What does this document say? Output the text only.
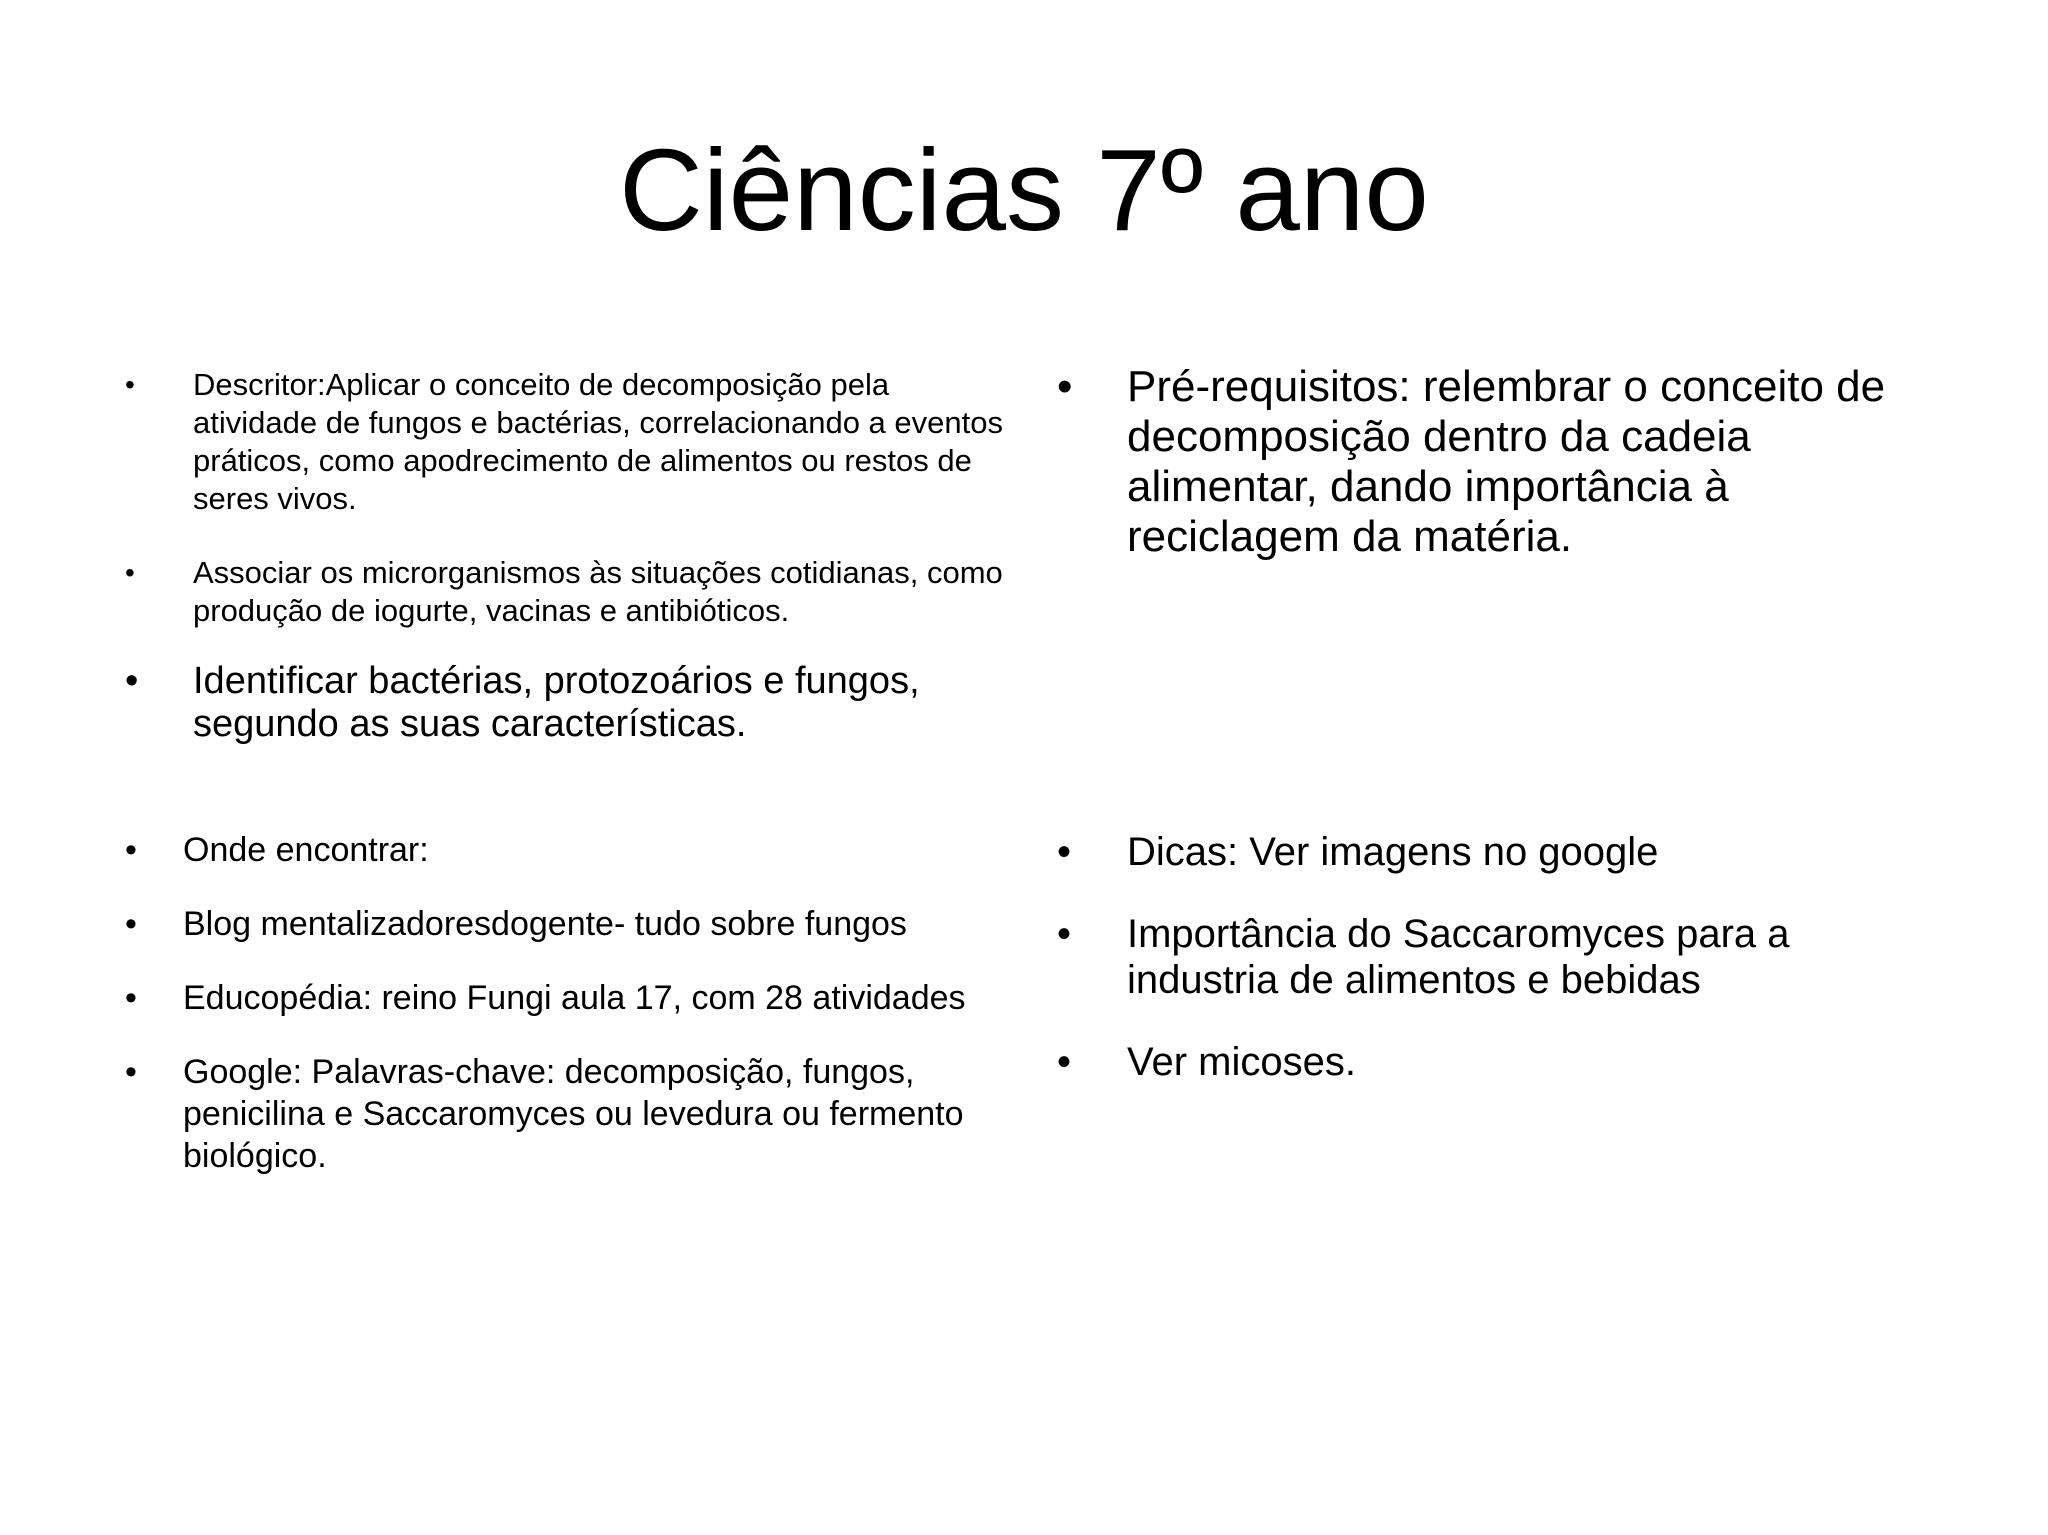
Ciências 7º ano
• Descritor:Aplicar o conceito de decomposição pela atividade de fungos e bactérias, correlacionando a eventos práticos, como apodrecimento de alimentos ou restos de seres vivos.
• Associar os microrganismos às situações cotidianas, como produção de iogurte, vacinas e antibióticos.
• Identificar bactérias, protozoários e fungos, segundo as suas características.
• Pré-requisitos: relembrar o conceito de decomposição dentro da cadeia alimentar, dando importância à reciclagem da matéria.
• Onde encontrar:
• Blog mentalizadoresdogente- tudo sobre fungos
• Educopédia: reino Fungi aula 17, com 28 atividades
• Google: Palavras-chave: decomposição, fungos, penicilina e Saccaromyces ou levedura ou fermento biológico.
• Dicas: Ver imagens no google
• Importância do Saccaromyces para a industria de alimentos e bebidas
• Ver micoses.
